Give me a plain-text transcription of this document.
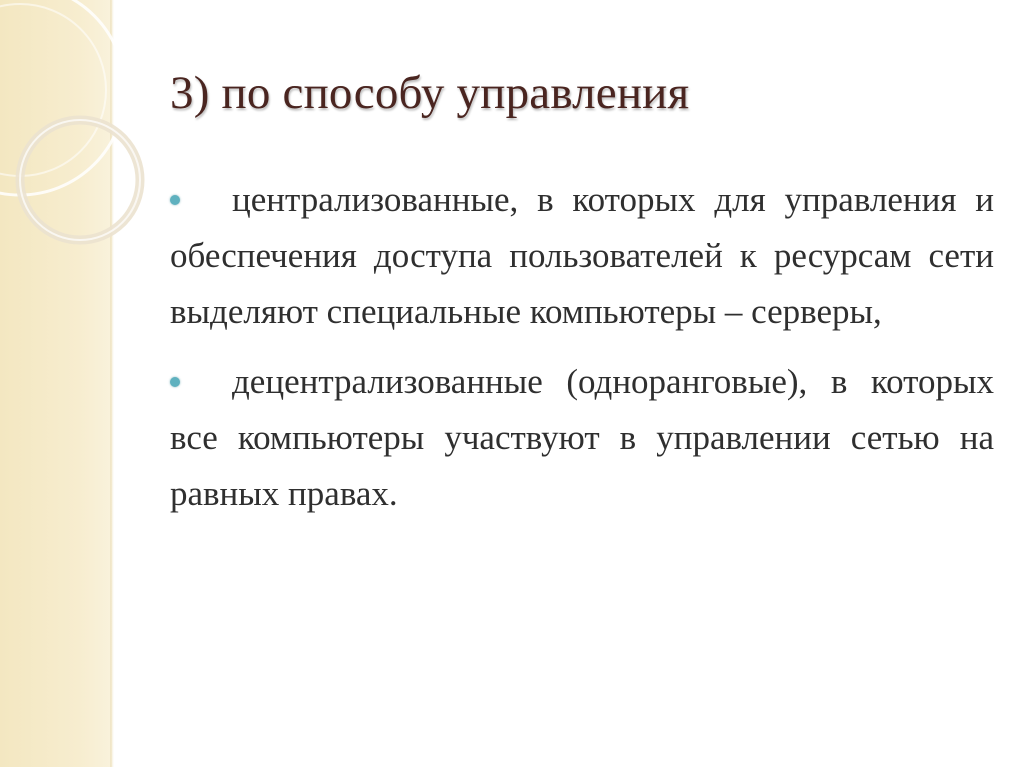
3) по способу управления
централизованные, в которых для управления и обеспечения доступа пользователей к ресурсам сети выделяют специальные компьютеры – серверы,
децентрализованные (одноранговые), в которых все компьютеры участвуют в управлении сетью на равных правах.
